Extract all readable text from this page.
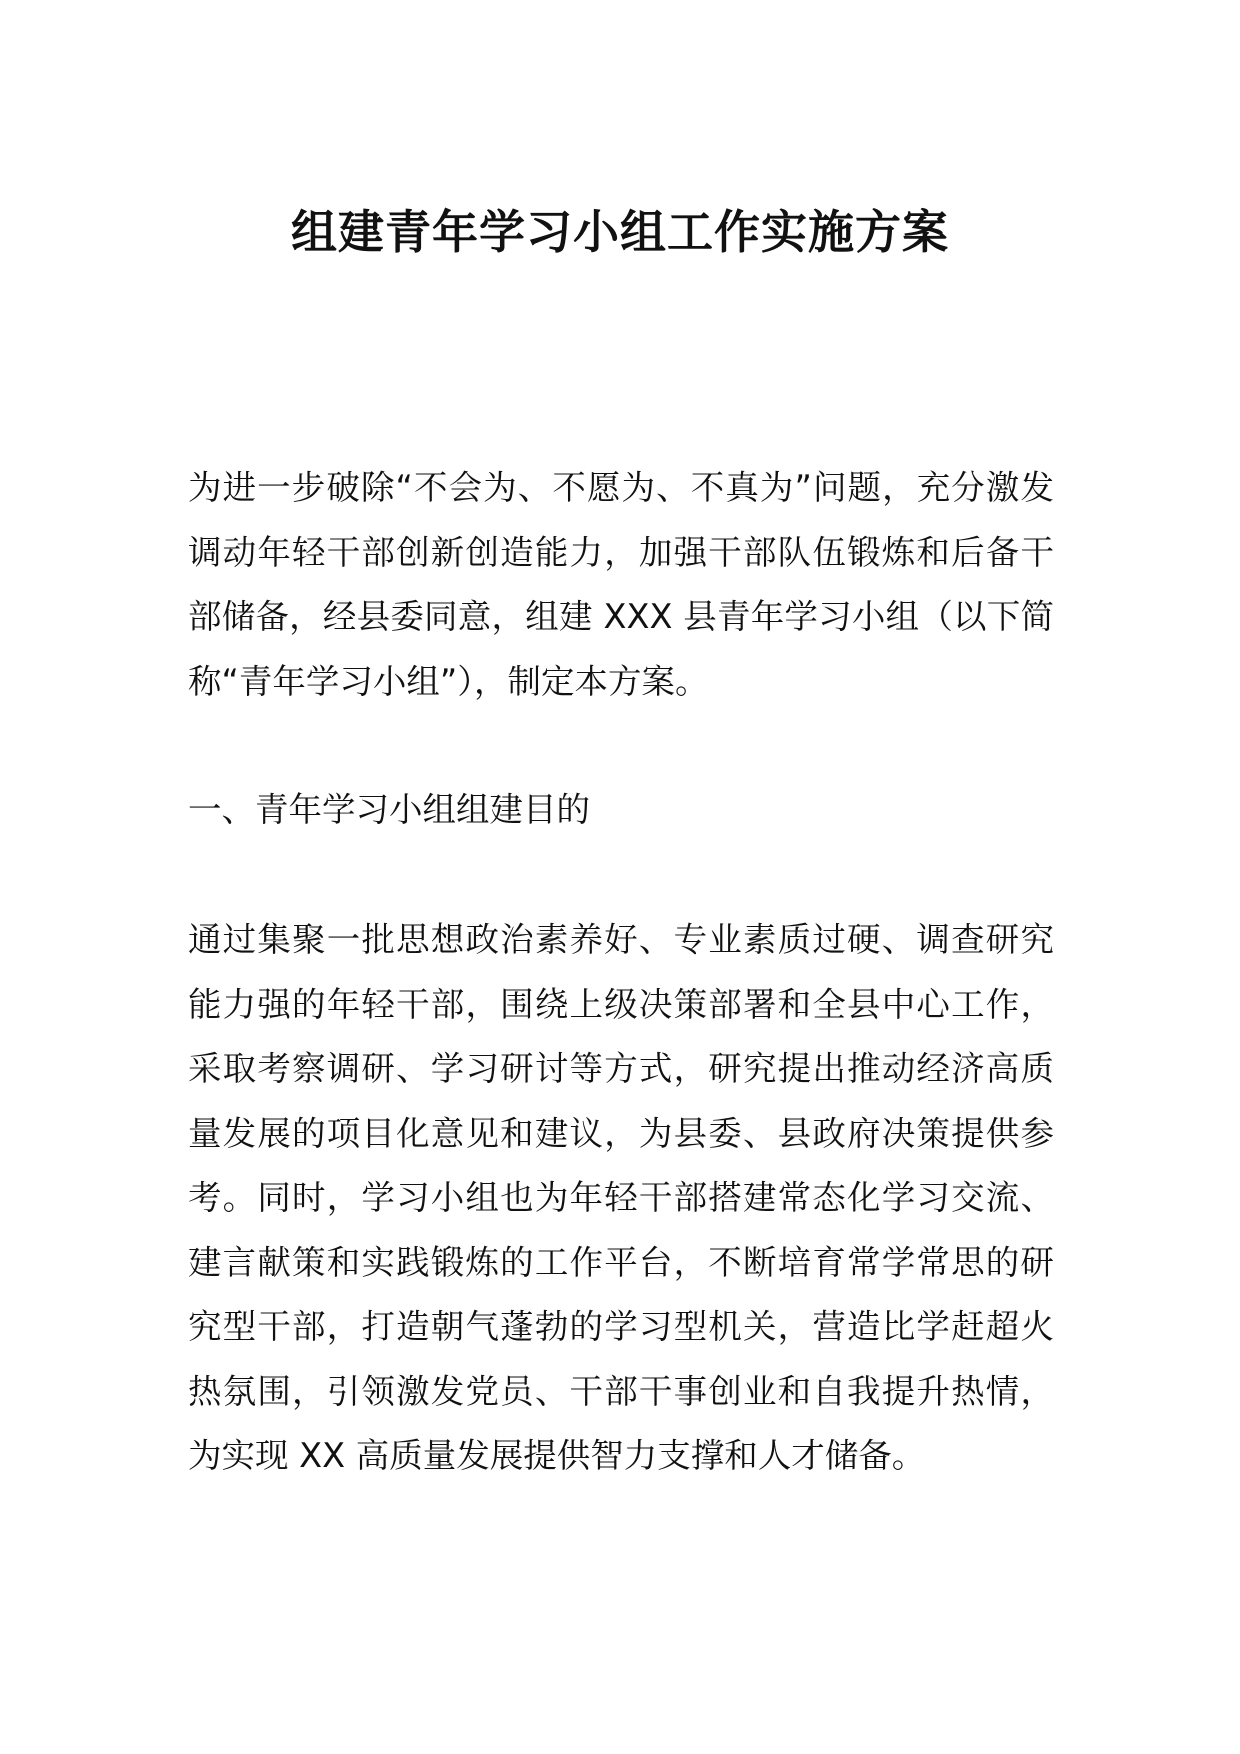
组建青年学习小组工作实施方案

为进一步破除“不会为、不愿为、不真为”问题，充分激发调动年轻干部创新创造能力，加强干部队伍锻炼和后备干部储备，经县委同意，组建 XXX 县青年学习小组（以下简称“青年学习小组”），制定本方案。

一、青年学习小组组建目的

通过集聚一批思想政治素养好、专业素质过硬、调查研究能力强的年轻干部，围绕上级决策部署和全县中心工作，采取考察调研、学习研讨等方式，研究提出推动经济高质量发展的项目化意见和建议，为县委、县政府决策提供参考。同时，学习小组也为年轻干部搭建常态化学习交流、建言献策和实践锻炼的工作平台，不断培育常学常思的研究型干部，打造朝气蓬勃的学习型机关，营造比学赶超火热氛围，引领激发党员、干部干事创业和自我提升热情，为实现 XX 高质量发展提供智力支撑和人才储备。
